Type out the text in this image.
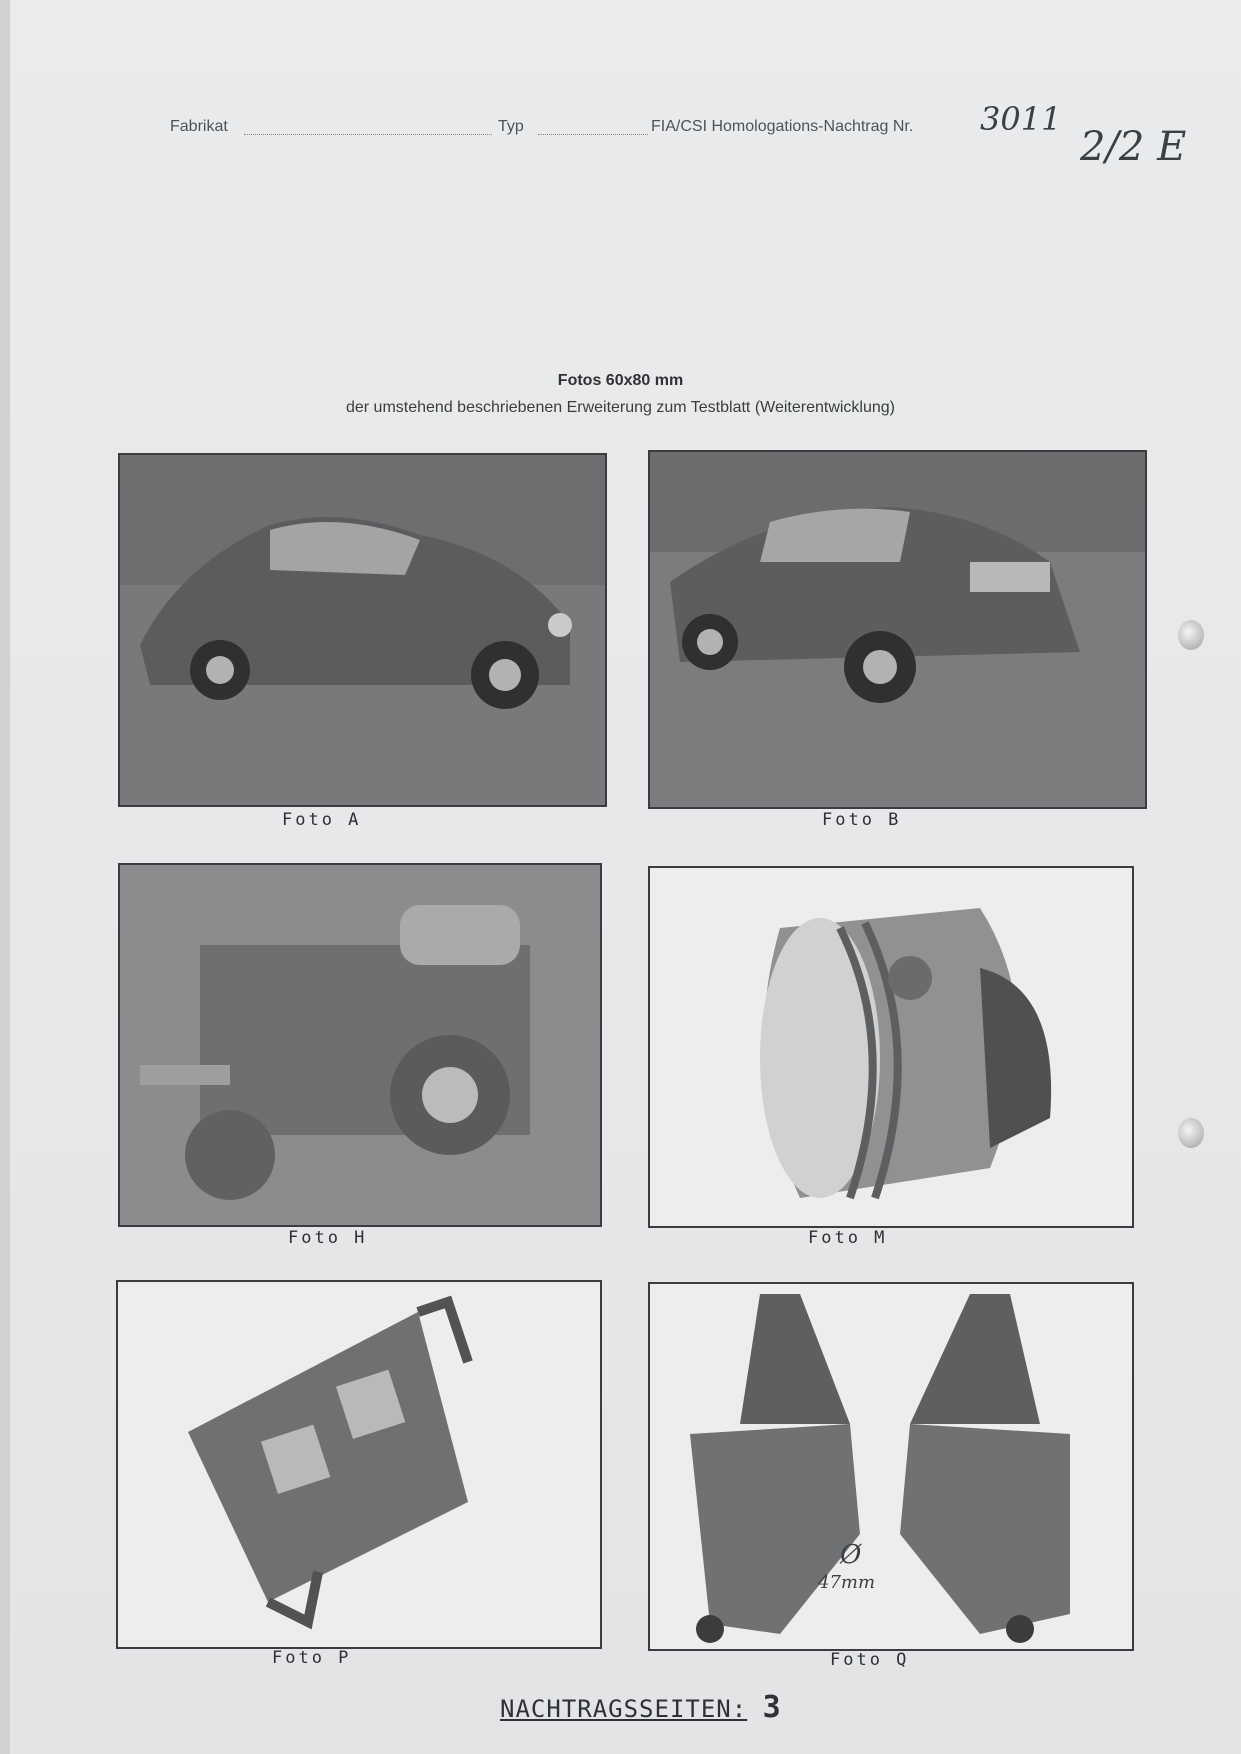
Fabrikat	Typ	FIA/CSI Homologations-Nachtrag Nr. 3011
2/2 E
Fotos 60x80 mm
der umstehend beschriebenen Erweiterung zum Testblatt (Weiterentwicklung)
Foto A	Foto B
Foto H	Foto M
Foto P
Ø
47mm
Foto Q
NACHTRAGSSEITEN: 3
